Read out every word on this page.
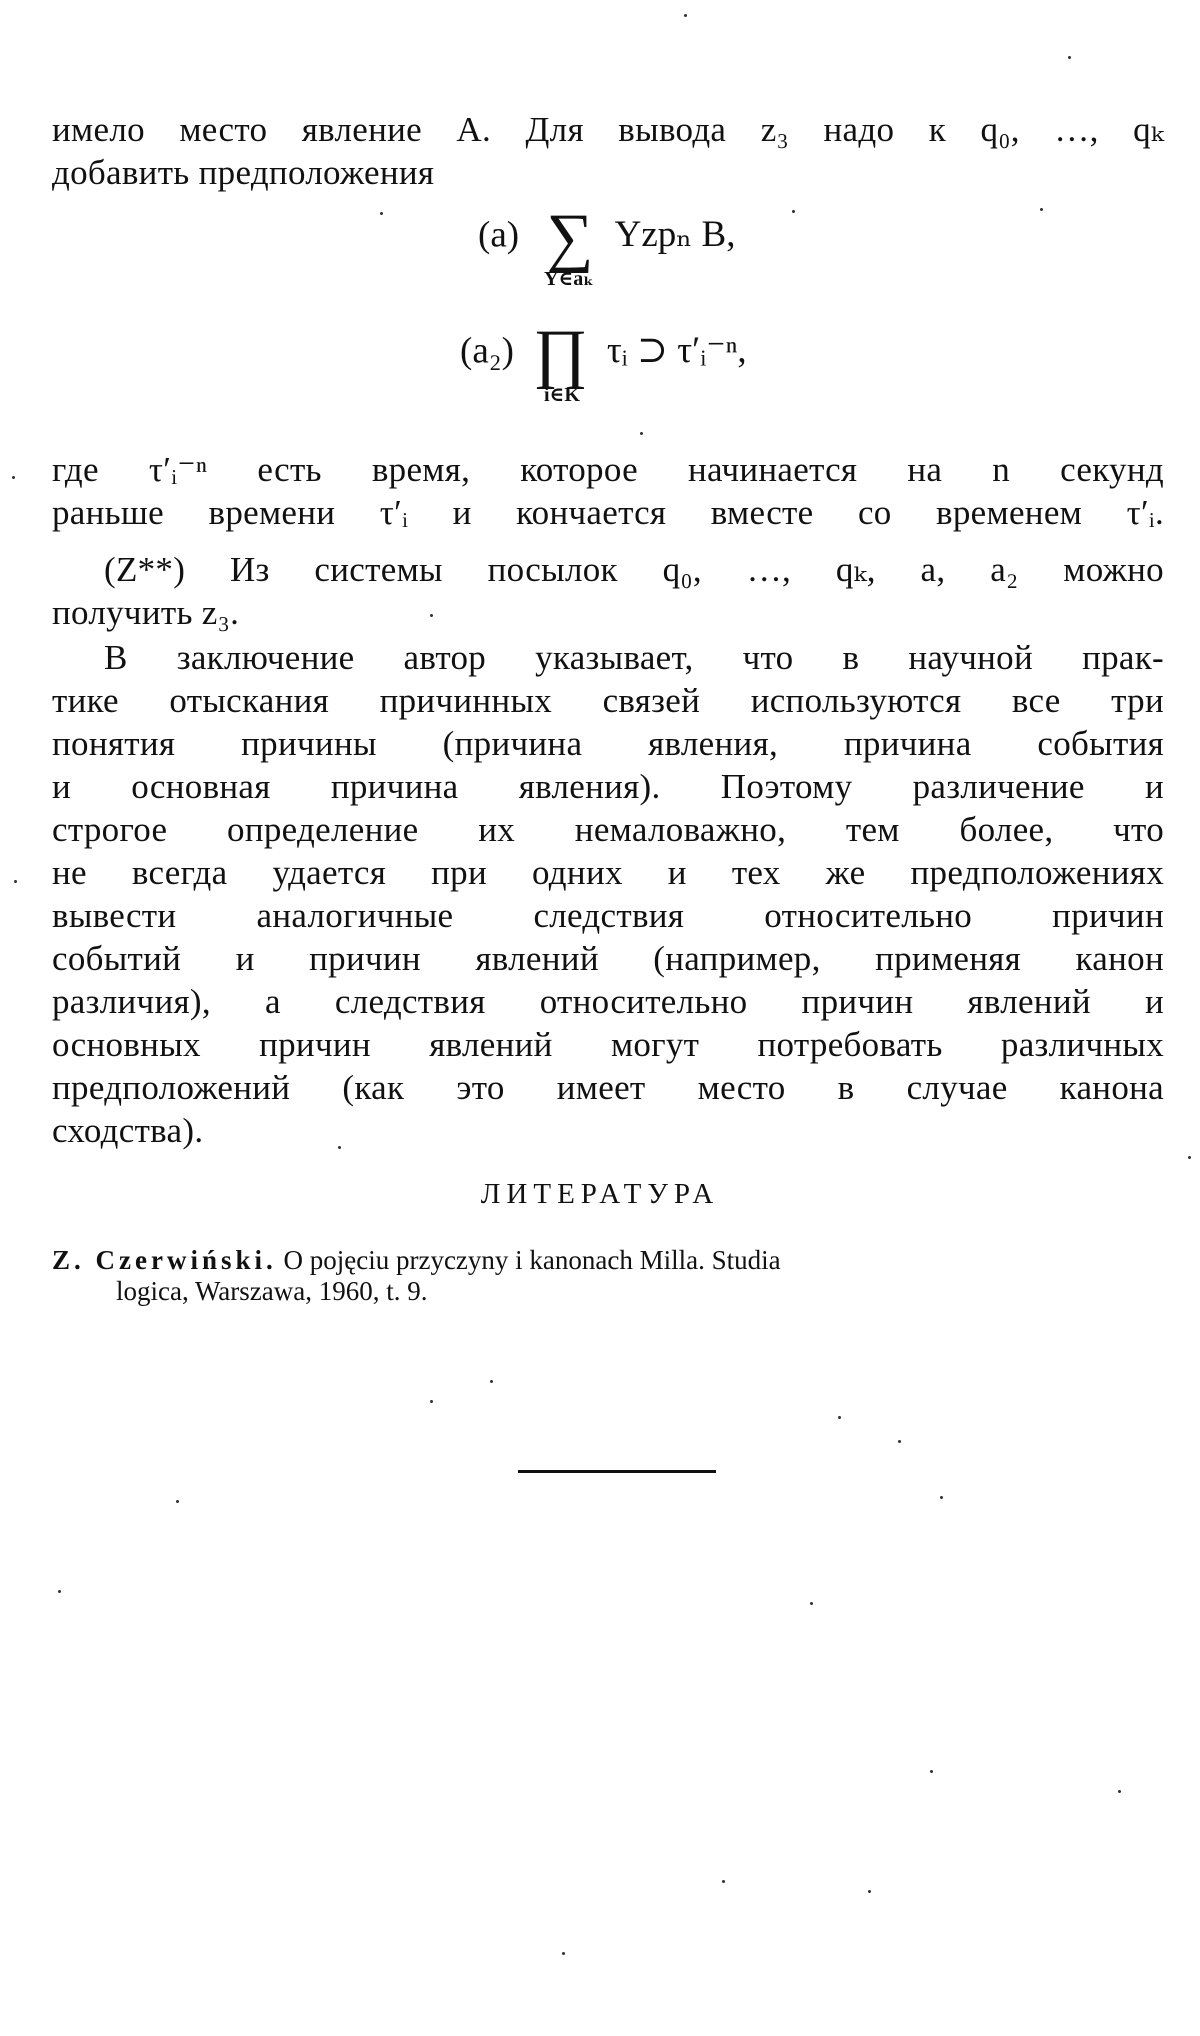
имело место явление A. Для вывода z₃ надо к q₀, …, qₖ
добавить предположения
(a) ∑ Yzpₙ B,
Y∈aₖ
(a₂) ∏ τᵢ ⊃ τ′ᵢ⁻ⁿ,
i∈K
где τ′ᵢ⁻ⁿ есть время, которое начинается на n секунд
раньше времени τ′ᵢ и кончается вместе со временем τ′ᵢ.
(Z**) Из системы посылок q₀, …, qₖ, a, a₂ можно
получить z₃.
В заключение автор указывает, что в научной прак-
тике отыскания причинных связей используются все три
понятия причины (причина явления, причина события
и основная причина явления). Поэтому различение и
строгое определение их немаловажно, тем более, что
не всегда удается при одних и тех же предположениях
вывести аналогичные следствия относительно причин
событий и причин явлений (например, применяя канон
различия), а следствия относительно причин явлений и
основных причин явлений могут потребовать различных
предположений (как это имеет место в случае канона
сходства).
ЛИТЕРАТУРА
Z. Czerwiński. O pojęciu przyczyny i kanonach Milla. Studia
logica, Warszawa, 1960, t. 9.
